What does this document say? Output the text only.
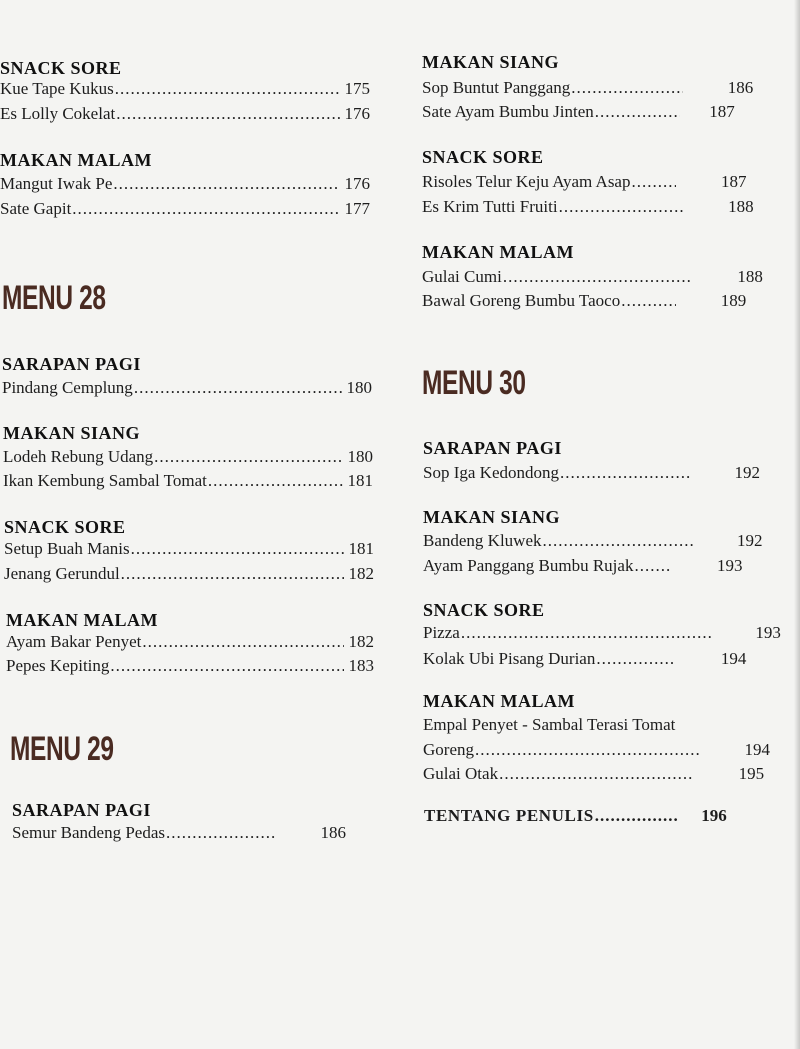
SNACK SORE
Kue Tape Kukus .....	175
Es Lolly Cokelat .....	176
MAKAN MALAM
Mangut Iwak Pe .....	176
Sate Gapit .....	177
MENU 28
SARAPAN PAGI
Pindang Cemplung .....	180
MAKAN SIANG
Lodeh Rebung Udang .....	180
Ikan Kembung Sambal Tomat .....	181
SNACK SORE
Setup Buah Manis .....	181
Jenang Gerundul .....	182
MAKAN MALAM
Ayam Bakar Penyet .....	182
Pepes Kepiting .....	183
MENU 29
SARAPAN PAGI
Semur Bandeng Pedas .....	186
MAKAN SIANG
Sop Buntut Panggang .....	186
Sate Ayam Bumbu Jinten .....	187
SNACK SORE
Risoles Telur Keju Ayam Asap .....	187
Es Krim Tutti Fruiti .....	188
MAKAN MALAM
Gulai Cumi .....	188
Bawal Goreng Bumbu Taoco .....	189
MENU 30
SARAPAN PAGI
Sop Iga Kedondong .....	192
MAKAN SIANG
Bandeng Kluwek .....	192
Ayam Panggang Bumbu Rujak .....	193
SNACK SORE
Pizza .....	193
Kolak Ubi Pisang Durian .....	194
MAKAN MALAM
Empal Penyet - Sambal Terasi Tomat
Goreng .....	194
Gulai Otak .....	195
TENTANG PENULIS .....	196
